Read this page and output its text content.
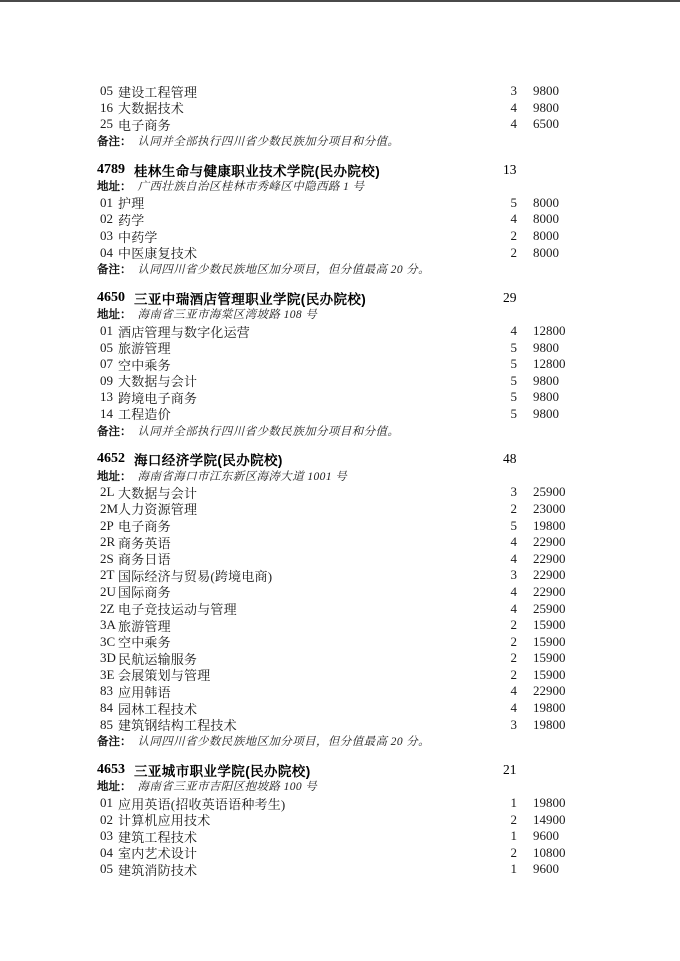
05 建设工程管理	3	9800
16 大数据技术	4	9800
25 电子商务	4	6500
备注： 认同并全部执行四川省少数民族加分项目和分值。
4789 桂林生命与健康职业技术学院(民办院校)	13
地址： 广西壮族自治区桂林市秀峰区中隐西路 1 号
01 护理	5	8000
02 药学	4	8000
03 中药学	2	8000
04 中医康复技术	2	8000
备注： 认同四川省少数民族地区加分项目，但分值最高 20 分。
4650 三亚中瑞酒店管理职业学院(民办院校)	29
地址： 海南省三亚市海棠区湾坡路 108 号
01 酒店管理与数字化运营	4	12800
05 旅游管理	5	9800
07 空中乘务	5	12800
09 大数据与会计	5	9800
13 跨境电子商务	5	9800
14 工程造价	5	9800
备注： 认同并全部执行四川省少数民族加分项目和分值。
4652 海口经济学院(民办院校)	48
地址： 海南省海口市江东新区海涛大道 1001 号
2L 大数据与会计	3	25900
2M 人力资源管理	2	23000
2P 电子商务	5	19800
2R 商务英语	4	22900
2S 商务日语	4	22900
2T 国际经济与贸易(跨境电商)	3	22900
2U 国际商务	4	22900
2Z 电子竞技运动与管理	4	25900
3A 旅游管理	2	15900
3C 空中乘务	2	15900
3D 民航运输服务	2	15900
3E 会展策划与管理	2	15900
83 应用韩语	4	22900
84 园林工程技术	4	19800
85 建筑钢结构工程技术	3	19800
备注： 认同四川省少数民族地区加分项目，但分值最高 20 分。
4653 三亚城市职业学院(民办院校)	21
地址： 海南省三亚市吉阳区抱坡路 100 号
01 应用英语(招收英语语种考生)	1	19800
02 计算机应用技术	2	14900
03 建筑工程技术	1	9600
04 室内艺术设计	2	10800
05 建筑消防技术	1	9600
